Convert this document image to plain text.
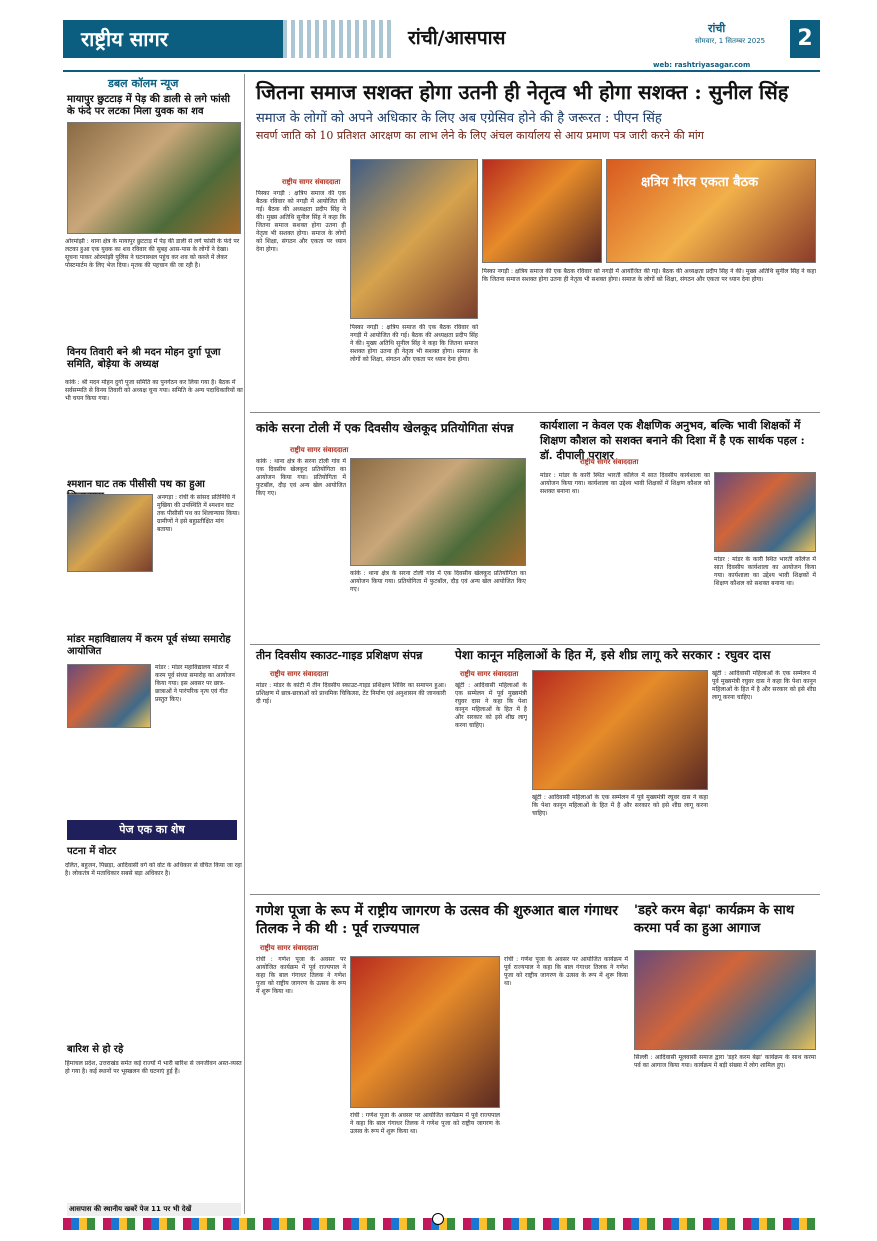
राष्ट्रीय सागर	रांची/आसपास	रांची
सोमवार, 1 सितम्बर 2025	2
web: rashtriyasagar.com
डबल कॉलम न्यूज
मायापुर छुटटाड़ में पेड़ की डाली से लगे फांसी के फंदे पर लटका मिला युवक का शव
ओरमांझी : थाना क्षेत्र के मायापुर छुटटाड़ में पेड़ की डाली से लगे फांसी के फंदे पर लटका हुआ एक युवक का शव रविवार की सुबह आस-पास के लोगों ने देखा। सूचना पाकर ओरमांझी पुलिस ने घटनास्थल पहुंच कर शव को कब्जे में लेकर पोस्टमार्टम के लिए भेज दिया। मृतक की पहचान की जा रही है।
विनय तिवारी बने श्री मदन मोहन दुर्गा पूजा समिति, बोड़ेया के अध्यक्ष
कांके : श्री मदन मोहन दुर्गा पूजा समिति का पुनर्गठन कर लिया गया है। बैठक में सर्वसम्मति से विनय तिवारी को अध्यक्ष चुना गया। समिति के अन्य पदाधिकारियों का भी चयन किया गया।
श्मशान घाट तक पीसीसी पथ का हुआ
अनगड़ा : रांची के सांसद प्रतिनिधि ने मुखिया की उपस्थिति में श्मशान घाट तक पीसीसी पथ का शिलान्यास किया। ग्रामीणों ने इसे बहुप्रतीक्षित मांग बताया।
मांडर महाविद्यालय में करम पूर्व संध्या समारोह आयोजित
मांडर : मांडर महाविद्यालय मांडर में करम पूर्व संध्या समारोह का आयोजन किया गया। इस अवसर पर छात्र-छात्राओं ने पारंपरिक नृत्य एवं गीत प्रस्तुत किए।
पेज एक का शेष
पटना में वोटर
दलित, बहुजन, पिछड़ा, आदिवासी वर्ग को वोट के अधिकार से वंचित किया जा रहा है। लोकतंत्र में मताधिकार सबसे बड़ा अधिकार है।
बारिश से हो रहे
हिमाचल प्रदेश, उत्तराखंड समेत कई राज्यों में भारी बारिश से जनजीवन अस्त-व्यस्त हो गया है। कई स्थानों पर भूस्खलन की घटनाएं हुई हैं।
आसपास की स्थानीय खबरें पेज 11 पर भी देखें
जितना समाज सशक्त होगा उतनी ही नेतृत्व भी होगा सशक्त : सुनील सिंह
समाज के लोगों को अपने अधिकार के लिए अब एग्रेसिव होने की है जरूरत : पीएन सिंह
सवर्ण जाति को 10 प्रतिशत आरक्षण का लाभ लेने के लिए अंचल कार्यालय से आय प्रमाण पत्र जारी करने की मांग
राष्ट्रीय सागर संवाददाता	क्षत्रिय गौरव एकता बैठक
पिस्का नगड़ी : क्षत्रिय समाज की एक बैठक रविवार को नगड़ी में आयोजित की गई। बैठक की अध्यक्षता प्रदीप सिंह ने की। मुख्य अतिथि सुनील सिंह ने कहा कि जितना समाज सशक्त होगा उतना ही नेतृत्व भी सशक्त होगा। समाज के लोगों को शिक्षा, संगठन और एकता पर ध्यान देना होगा।
पिस्का नगड़ी : क्षत्रिय समाज की एक बैठक रविवार को नगड़ी में आयोजित की गई। बैठक की अध्यक्षता प्रदीप सिंह ने की। मुख्य अतिथि सुनील सिंह ने कहा कि जितना समाज सशक्त होगा उतना ही नेतृत्व भी सशक्त होगा। समाज के लोगों को शिक्षा, संगठन और एकता पर ध्यान देना होगा।
पिस्का नगड़ी : क्षत्रिय समाज की एक बैठक रविवार को नगड़ी में आयोजित की गई। बैठक की अध्यक्षता प्रदीप सिंह ने की। मुख्य अतिथि सुनील सिंह ने कहा कि जितना समाज सशक्त होगा उतना ही नेतृत्व भी सशक्त होगा। समाज के लोगों को शिक्षा, संगठन और एकता पर ध्यान देना होगा।
कांके सरना टोली में एक दिवसीय खेलकूद प्रतियोगिता संपन्न
राष्ट्रीय सागर संवाददाता
कांके : थाना क्षेत्र के सरना टोली गांव में एक दिवसीय खेलकूद प्रतियोगिता का आयोजन किया गया। प्रतियोगिता में फुटबॉल, दौड़ एवं अन्य खेल आयोजित किए गए।
कांके : थाना क्षेत्र के सरना टोली गांव में एक दिवसीय खेलकूद प्रतियोगिता का आयोजन किया गया। प्रतियोगिता में फुटबॉल, दौड़ एवं अन्य खेल आयोजित किए गए।
कार्यशाला न केवल एक शैक्षणिक अनुभव, बल्कि भावी शिक्षकों में शिक्षण कौशल को सशक्त बनाने की दिशा में है एक सार्थक पहल : डॉ. दीपाली पराशर
राष्ट्रीय सागर संवाददाता
मांडर : मांडर के कारी स्थित भारती कॉलेज में सात दिवसीय कार्यशाला का आयोजन किया गया। कार्यशाला का उद्देश्य भावी शिक्षकों में शिक्षण कौशल को सशक्त बनाना था।
मांडर : मांडर के कारी स्थित भारती कॉलेज में सात दिवसीय कार्यशाला का आयोजन किया गया। कार्यशाला का उद्देश्य भावी शिक्षकों में शिक्षण कौशल को सशक्त बनाना था।
तीन दिवसीय स्काउट-गाइड प्रशिक्षण संपन्न
राष्ट्रीय सागर संवाददाता
मांडर : मांडर के कांटी में तीन दिवसीय स्काउट-गाइड प्रशिक्षण शिविर का समापन हुआ। प्रशिक्षण में छात्र-छात्राओं को प्राथमिक चिकित्सा, टेंट निर्माण एवं अनुशासन की जानकारी दी गई।
पेशा कानून महिलाओं के हित में, इसे शीघ्र लागू करे सरकार : रघुवर दास
राष्ट्रीय सागर संवाददाता
खूंटी : आदिवासी महिलाओं के एक सम्मेलन में पूर्व मुख्यमंत्री रघुवर दास ने कहा कि पेशा कानून महिलाओं के हित में है और सरकार को इसे शीघ्र लागू करना चाहिए।
खूंटी : आदिवासी महिलाओं के एक सम्मेलन में पूर्व मुख्यमंत्री रघुवर दास ने कहा कि पेशा कानून महिलाओं के हित में है और सरकार को इसे शीघ्र लागू करना चाहिए।
खूंटी : आदिवासी महिलाओं के एक सम्मेलन में पूर्व मुख्यमंत्री रघुवर दास ने कहा कि पेशा कानून महिलाओं के हित में है और सरकार को इसे शीघ्र लागू करना चाहिए।
गणेश पूजा के रूप में राष्ट्रीय जागरण के उत्सव की शुरुआत बाल गंगाधर तिलक ने की थी : पूर्व राज्यपाल
राष्ट्रीय सागर संवाददाता
रांची : गणेश पूजा के अवसर पर आयोजित कार्यक्रम में पूर्व राज्यपाल ने कहा कि बाल गंगाधर तिलक ने गणेश पूजा को राष्ट्रीय जागरण के उत्सव के रूप में शुरू किया था।
रांची : गणेश पूजा के अवसर पर आयोजित कार्यक्रम में पूर्व राज्यपाल ने कहा कि बाल गंगाधर तिलक ने गणेश पूजा को राष्ट्रीय जागरण के उत्सव के रूप में शुरू किया था।
रांची : गणेश पूजा के अवसर पर आयोजित कार्यक्रम में पूर्व राज्यपाल ने कहा कि बाल गंगाधर तिलक ने गणेश पूजा को राष्ट्रीय जागरण के उत्सव के रूप में शुरू किया था।
'डहरे करम बेढ़ा' कार्यक्रम के साथ करमा पर्व का हुआ आगाज
सिल्ली : आदिवासी मूलवासी समाज द्वारा 'डहरे करम बेढ़ा' कार्यक्रम के साथ करमा पर्व का आगाज किया गया। कार्यक्रम में बड़ी संख्या में लोग शामिल हुए।
